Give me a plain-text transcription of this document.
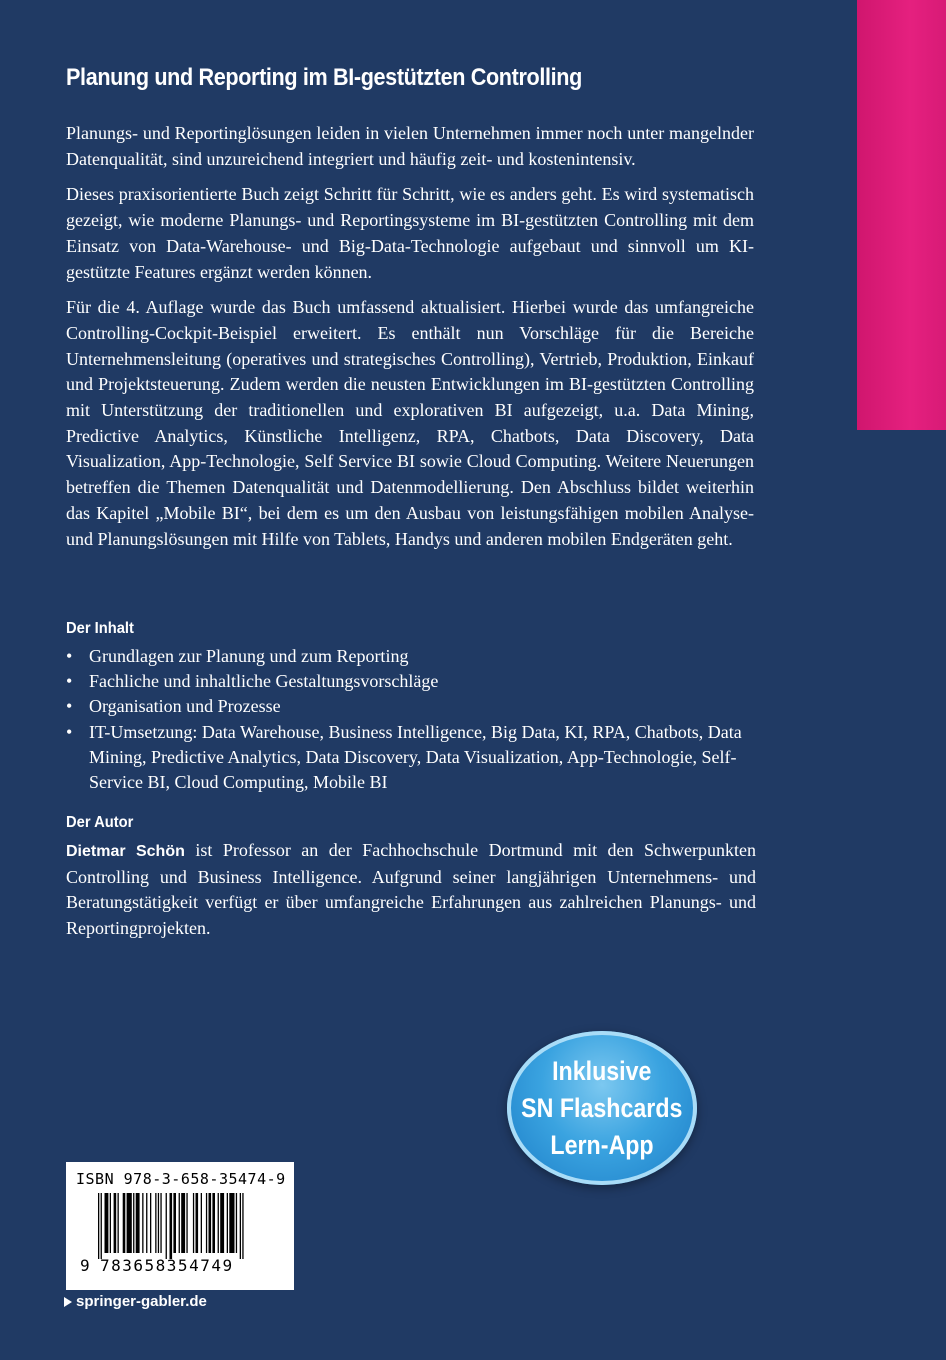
Planung und Reporting im BI-gestützten Controlling

Planungs- und Reportinglösungen leiden in vielen Unternehmen immer noch unter mangelnder Datenqualität, sind unzureichend integriert und häufig zeit- und kostenintensiv.

Dieses praxisorientierte Buch zeigt Schritt für Schritt, wie es anders geht. Es wird systematisch gezeigt, wie moderne Planungs- und Reportingsysteme im BI-gestützten Controlling mit dem Einsatz von Data-Warehouse- und Big-Data-Technologie aufgebaut und sinnvoll um KI-gestützte Features ergänzt werden können.

Für die 4. Auflage wurde das Buch umfassend aktualisiert. Hierbei wurde das umfangreiche Controlling-Cockpit-Beispiel erweitert. Es enthält nun Vorschläge für die Bereiche Unternehmensleitung (operatives und strategisches Controlling), Vertrieb, Produktion, Einkauf und Projektsteuerung. Zudem werden die neusten Entwicklungen im BI-gestützten Controlling mit Unterstützung der traditionellen und explorativen BI aufgezeigt, u.a. Data Mining, Predictive Analytics, Künstliche Intelligenz, RPA, Chatbots, Data Discovery, Data Visualization, App-Technologie, Self Service BI sowie Cloud Computing. Weitere Neuerungen betreffen die Themen Datenqualität und Datenmodellierung. Den Abschluss bildet weiterhin das Kapitel „Mobile BI“, bei dem es um den Ausbau von leistungsfähigen mobilen Analyse- und Planungslösungen mit Hilfe von Tablets, Handys und anderen mobilen Endgeräten geht.

Der Inhalt
• Grundlagen zur Planung und zum Reporting
• Fachliche und inhaltliche Gestaltungsvorschläge
• Organisation und Prozesse
• IT-Umsetzung: Data Warehouse, Business Intelligence, Big Data, KI, RPA, Chatbots, Data Mining, Predictive Analytics, Data Discovery, Data Visualization, App-Technologie, Self-Service BI, Cloud Computing, Mobile BI
Der Autor
Dietmar Schön ist Professor an der Fachhochschule Dortmund mit den Schwerpunkten Controlling und Business Intelligence. Aufgrund seiner langjährigen Unternehmens- und Beratungstätigkeit verfügt er über umfangreiche Erfahrungen aus zahlreichen Planungs- und Reportingprojekten.
Inklusive
SN Flashcards
Lern-App
ISBN 978-3-658-35474-9
9 783658354749
springer-gabler.de
